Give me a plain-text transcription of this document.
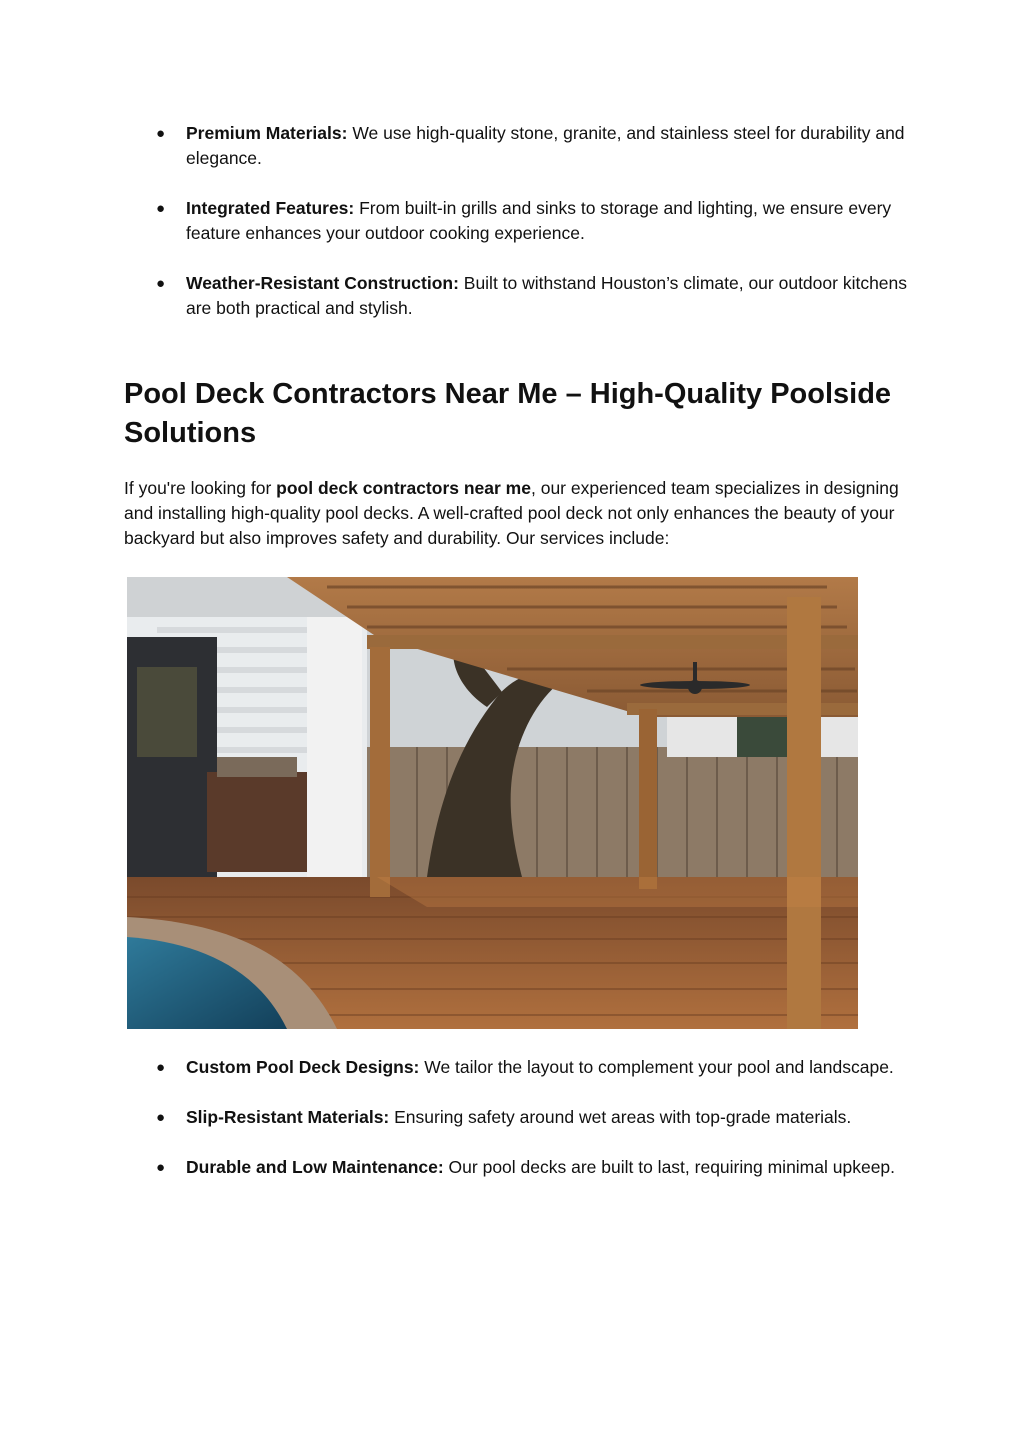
● Premium Materials: We use high-quality stone, granite, and stainless steel for durability and elegance.
● Integrated Features: From built-in grills and sinks to storage and lighting, we ensure every feature enhances your outdoor cooking experience.
● Weather-Resistant Construction: Built to withstand Houston’s climate, our outdoor kitchens are both practical and stylish.
Pool Deck Contractors Near Me – High-Quality Poolside Solutions

If you're looking for pool deck contractors near me, our experienced team specializes in designing and installing high-quality pool decks. A well-crafted pool deck not only enhances the beauty of your backyard but also improves safety and durability. Our services include:

● Custom Pool Deck Designs: We tailor the layout to complement your pool and landscape.
● Slip-Resistant Materials: Ensuring safety around wet areas with top-grade materials.
● Durable and Low Maintenance: Our pool decks are built to last, requiring minimal upkeep.
